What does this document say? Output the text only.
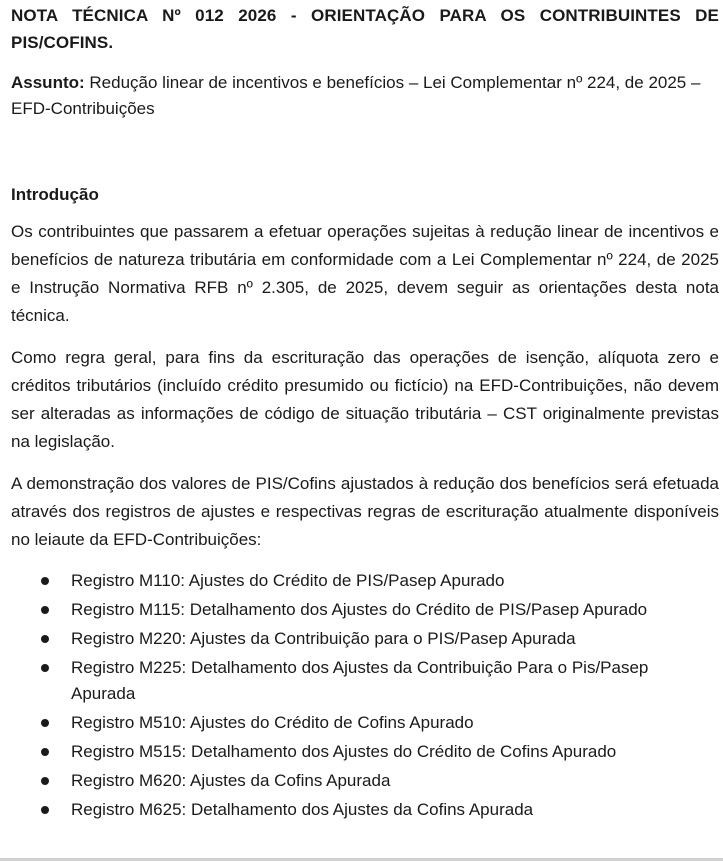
NOTA TÉCNICA Nº 012 2026 - ORIENTAÇÃO PARA OS CONTRIBUINTES DE PIS/COFINS.

Assunto: Redução linear de incentivos e benefícios – Lei Complementar nº 224, de 2025 – EFD-Contribuições

Introdução

Os contribuintes que passarem a efetuar operações sujeitas à redução linear de incentivos e benefícios de natureza tributária em conformidade com a Lei Complementar nº 224, de 2025 e Instrução Normativa RFB nº 2.305, de 2025, devem seguir as orientações desta nota técnica.

Como regra geral, para fins da escrituração das operações de isenção, alíquota zero e créditos tributários (incluído crédito presumido ou fictício) na EFD-Contribuições, não devem ser alteradas as informações de código de situação tributária – CST originalmente previstas na legislação.

A demonstração dos valores de PIS/Cofins ajustados à redução dos benefícios será efetuada através dos registros de ajustes e respectivas regras de escrituração atualmente disponíveis no leiaute da EFD-Contribuições:

Registro M110: Ajustes do Crédito de PIS/Pasep Apurado
Registro M115: Detalhamento dos Ajustes do Crédito de PIS/Pasep Apurado
Registro M220: Ajustes da Contribuição para o PIS/Pasep Apurada
Registro M225: Detalhamento dos Ajustes da Contribuição Para o Pis/Pasep Apurada
Registro M510: Ajustes do Crédito de Cofins Apurado
Registro M515: Detalhamento dos Ajustes do Crédito de Cofins Apurado
Registro M620: Ajustes da Cofins Apurada
Registro M625: Detalhamento dos Ajustes da Cofins Apurada
